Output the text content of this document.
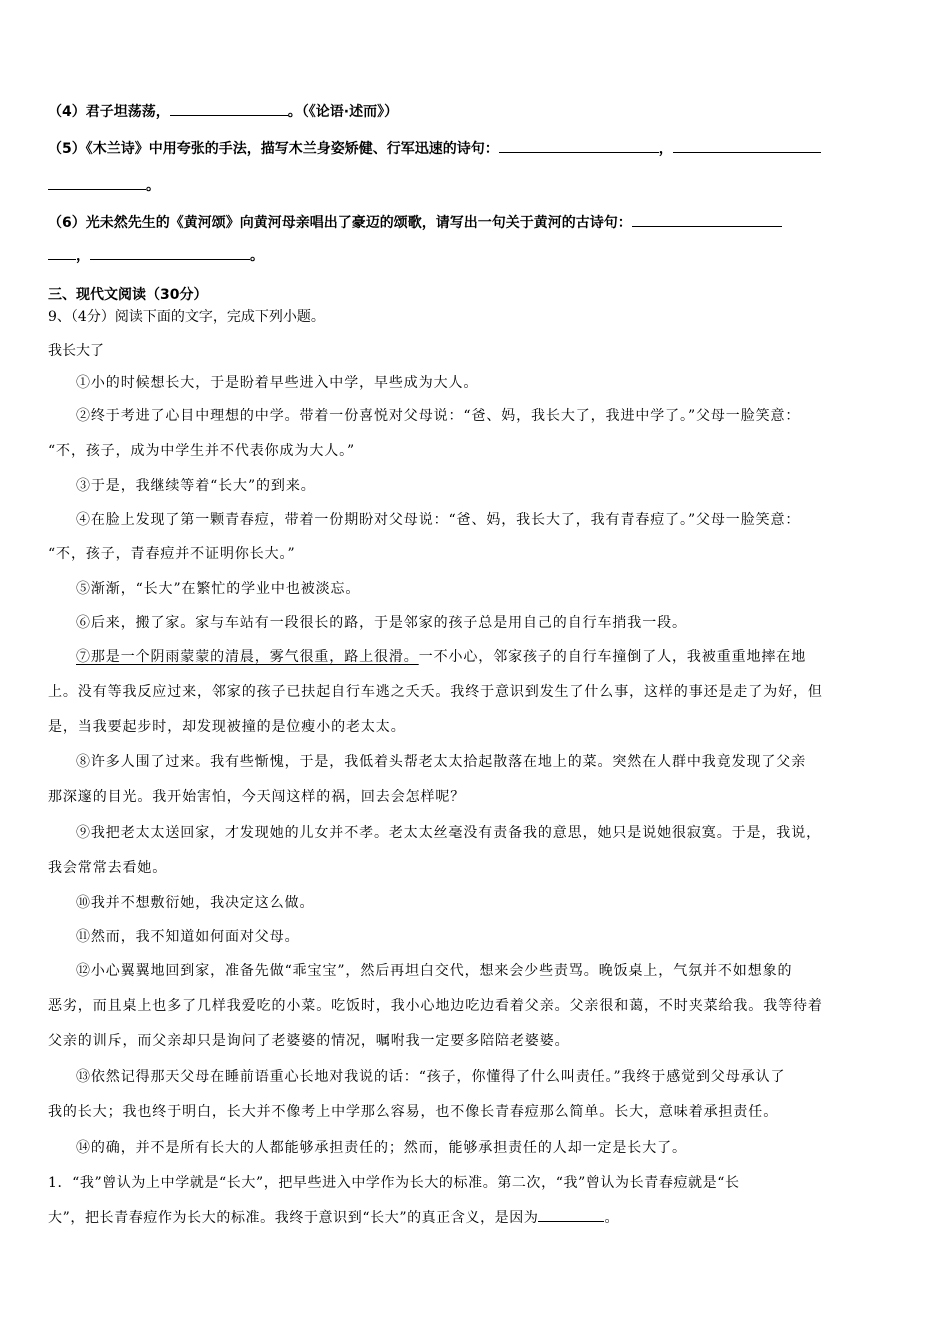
（4）君子坦荡荡，	。（《论语·述而》）
（5）《木兰诗》中用夸张的手法，描写木兰身姿矫健、行军迅速的诗句：	，
。
（6）光未然先生的《黄河颂》向黄河母亲唱出了豪迈的颂歌，请写出一句关于黄河的古诗句：
，	。
三、现代文阅读（30分）
9、（4分）阅读下面的文字，完成下列小题。
我长大了
①小的时候想长大，于是盼着早些进入中学，早些成为大人。
②终于考进了心目中理想的中学。带着一份喜悦对父母说：“爸、妈，我长大了，我进中学了。”父母一脸笑意：
“不，孩子，成为中学生并不代表你成为大人。”
③于是，我继续等着“长大”的到来。
④在脸上发现了第一颗青春痘，带着一份期盼对父母说：“爸、妈，我长大了，我有青春痘了。”父母一脸笑意：
“不，孩子，青春痘并不证明你长大。”
⑤渐渐，“长大”在繁忙的学业中也被淡忘。
⑥后来，搬了家。家与车站有一段很长的路，于是邻家的孩子总是用自己的自行车捎我一段。
⑦那是一个阴雨蒙蒙的清晨，雾气很重，路上很滑。一不小心，邻家孩子的自行车撞倒了人，我被重重地摔在地
上。没有等我反应过来，邻家的孩子已扶起自行车逃之夭夭。我终于意识到发生了什么事，这样的事还是走了为好，但
是，当我要起步时，却发现被撞的是位瘦小的老太太。
⑧许多人围了过来。我有些惭愧，于是，我低着头帮老太太拾起散落在地上的菜。突然在人群中我竟发现了父亲
那深邃的目光。我开始害怕，今天闯这样的祸，回去会怎样呢？
⑨我把老太太送回家，才发现她的儿女并不孝。老太太丝毫没有责备我的意思，她只是说她很寂寞。于是，我说，
我会常常去看她。
⑩我并不想敷衍她，我决定这么做。
⑪然而，我不知道如何面对父母。
⑫小心翼翼地回到家，准备先做“乖宝宝”，然后再坦白交代，想来会少些责骂。晚饭桌上，气氛并不如想象的
恶劣，而且桌上也多了几样我爱吃的小菜。吃饭时，我小心地边吃边看着父亲。父亲很和蔼，不时夹菜给我。我等待着
父亲的训斥，而父亲却只是询问了老婆婆的情况，嘱咐我一定要多陪陪老婆婆。
⑬依然记得那天父母在睡前语重心长地对我说的话：“孩子，你懂得了什么叫责任。”我终于感觉到父母承认了
我的长大；我也终于明白，长大并不像考上中学那么容易，也不像长青春痘那么简单。长大，意味着承担责任。
⑭的确，并不是所有长大的人都能够承担责任的；然而，能够承担责任的人却一定是长大了。
1．“我”曾认为上中学就是“长大”，把早些进入中学作为长大的标准。第二次，“我”曾认为长青春痘就是“长
大”，把长青春痘作为长大的标准。我终于意识到“长大”的真正含义，是因为	。
